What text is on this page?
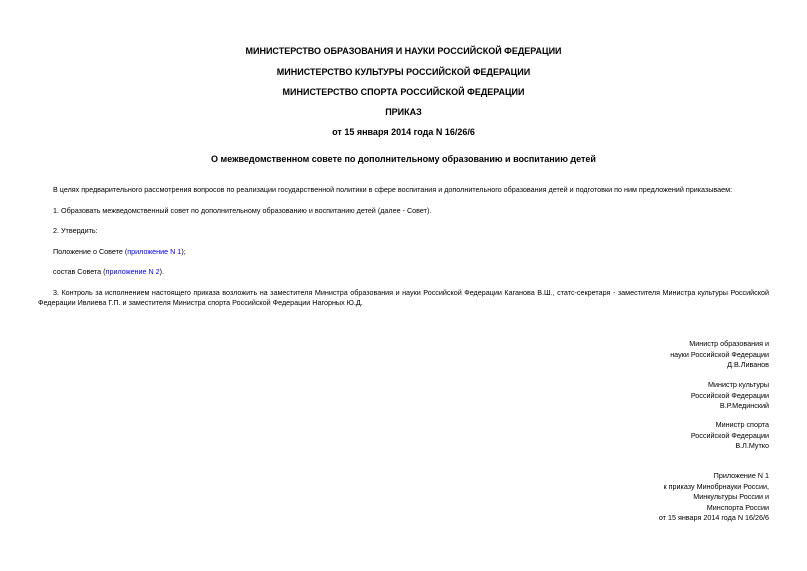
МИНИСТЕРСТВО ОБРАЗОВАНИЯ И НАУКИ РОССИЙСКОЙ ФЕДЕРАЦИИ
МИНИСТЕРСТВО КУЛЬТУРЫ РОССИЙСКОЙ ФЕДЕРАЦИИ
МИНИСТЕРСТВО СПОРТА РОССИЙСКОЙ ФЕДЕРАЦИИ
ПРИКАЗ
от 15 января 2014 года N 16/26/6
О межведомственном совете по дополнительному образованию и воспитанию детей
В целях предварительного рассмотрения вопросов по реализации государственной политики в сфере воспитания и дополнительного образования детей и подготовки по ним предложений приказываем:
1. Образовать межведомственный совет по дополнительному образованию и воспитанию детей (далее - Совет).
2. Утвердить:
Положение о Совете (приложение N 1);
состав Совета (приложение N 2).
3. Контроль за исполнением настоящего приказа возложить на заместителя Министра образования и науки Российской Федерации Каганова В.Ш., статс-секретаря - заместителя Министра культуры Российской
Федерации Ивлиева Г.П. и заместителя Министра спорта Российской Федерации Нагорных Ю.Д.
Министр образования и
науки Российской Федерации
Д.В.Ливанов
Министр культуры
Российской Федерации
В.Р.Мединский
Министр спорта
Российской Федерации
В.Л.Мутко
Приложение N 1
к приказу Минобрнауки России,
Минкультуры России и
Минспорта России
от 15 января 2014 года N 16/26/6
